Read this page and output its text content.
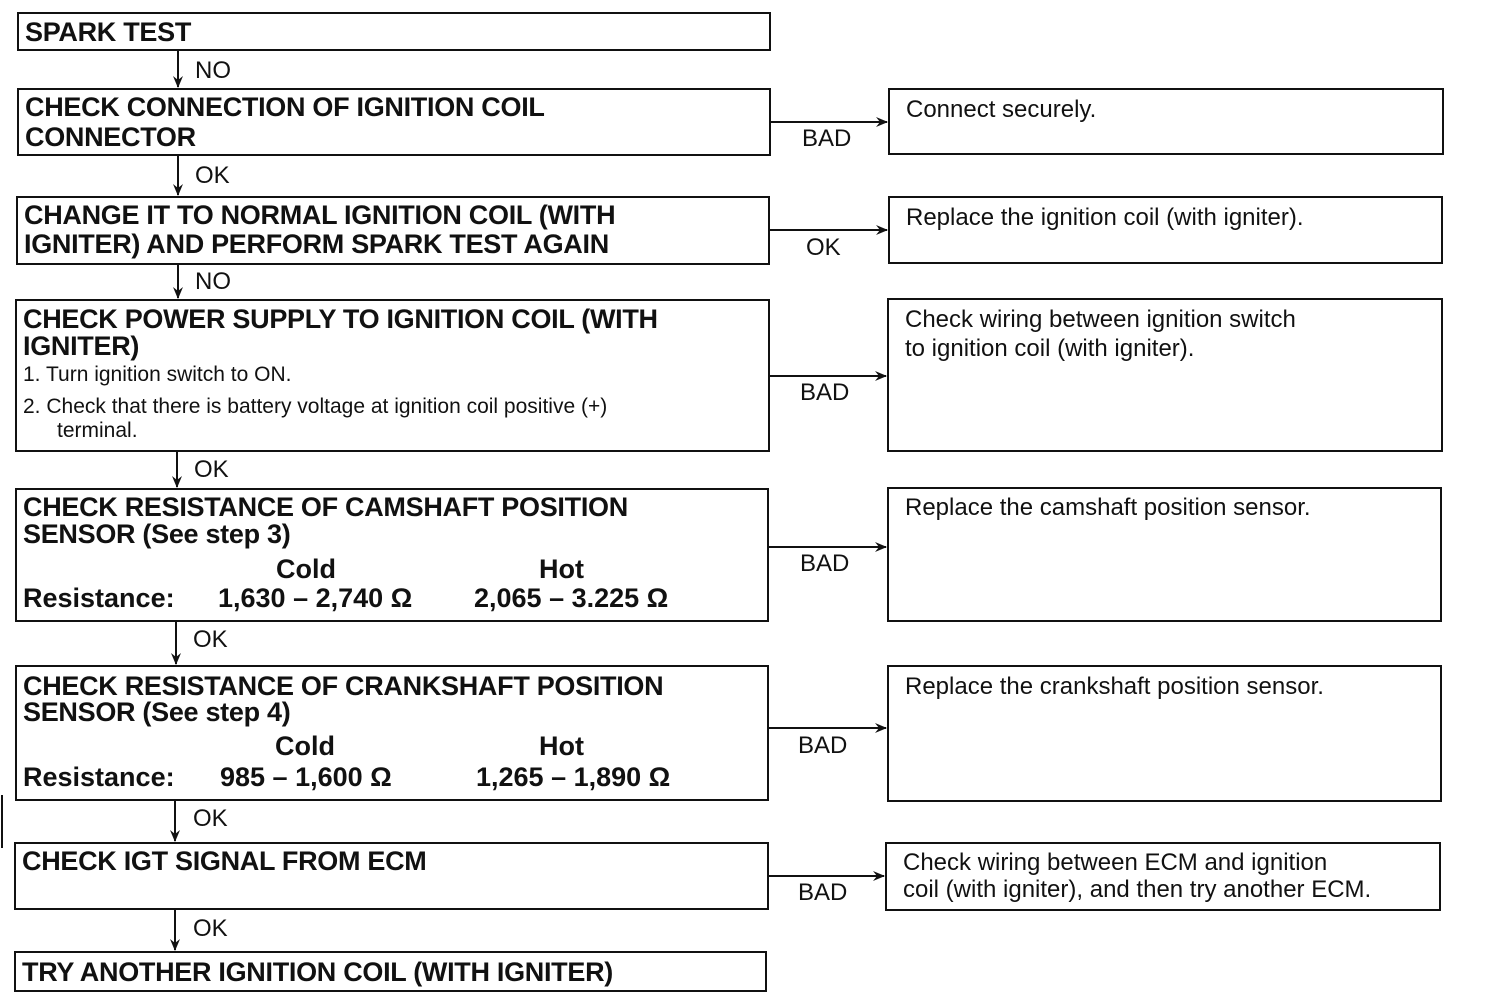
NO
OK
NO
OK
OK
OK
OK
BAD
OK
BAD
BAD
BAD
BAD
SPARK TEST
CHECK CONNECTION OF IGNITION COIL
CONNECTOR
CHANGE IT TO NORMAL IGNITION COIL (WITH
IGNITER) AND PERFORM SPARK TEST AGAIN
CHECK POWER SUPPLY TO IGNITION COIL (WITH
IGNITER)
1. Turn ignition switch to ON.
2. Check that there is battery voltage at ignition coil positive (+)
terminal.
CHECK RESISTANCE OF CAMSHAFT POSITION
SENSOR (See step 3)
Cold	Hot
Resistance: 1,630 – 2,740 Ω 2,065 – 3.225 Ω
CHECK RESISTANCE OF CRANKSHAFT POSITION
SENSOR (See step 4)
Cold	Hot
Resistance: 985 – 1,600 Ω	1,265 – 1,890 Ω
CHECK IGT SIGNAL FROM ECM
TRY ANOTHER IGNITION COIL (WITH IGNITER)
Connect securely.
Replace the ignition coil (with igniter).
Check wiring between ignition switch
to ignition coil (with igniter).
Replace the camshaft position sensor.
Replace the crankshaft position sensor.
Check wiring between ECM and ignition
coil (with igniter), and then try another ECM.
